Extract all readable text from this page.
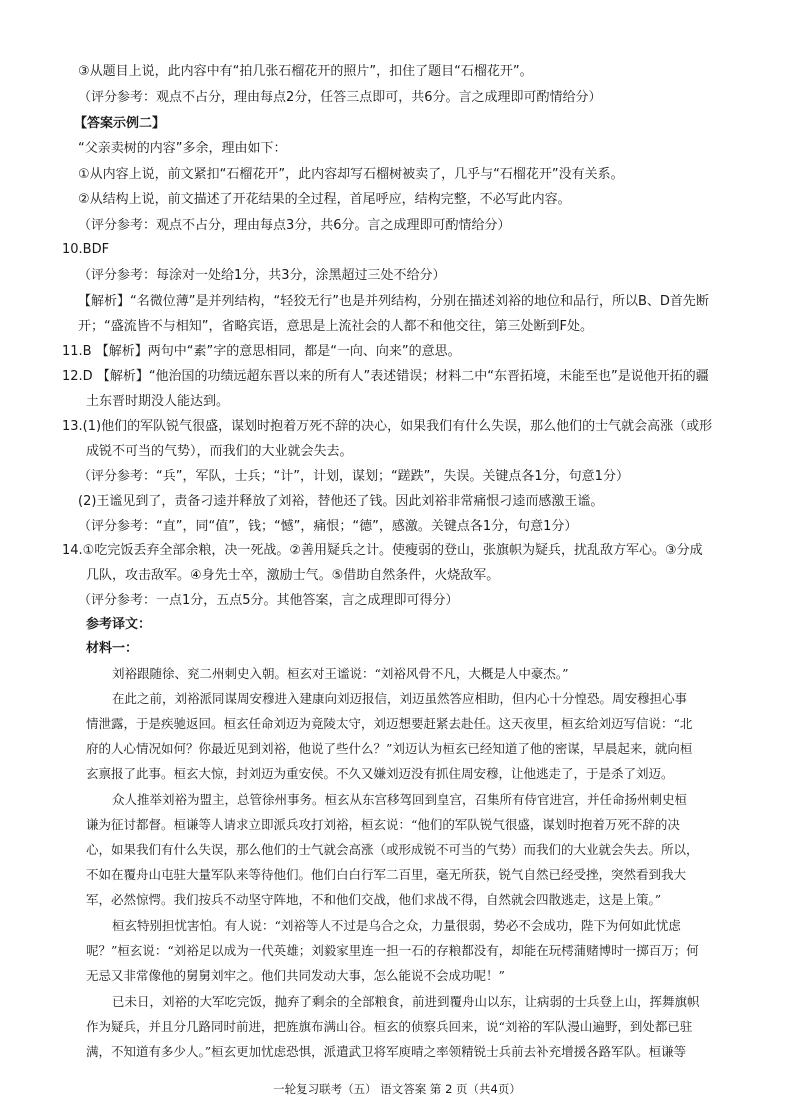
③从题目上说，此内容中有“拍几张石榴花开的照片”，扣住了题目“石榴花开”。
（评分参考：观点不占分，理由每点2分，任答三点即可，共6分。言之成理即可酌情给分）
【答案示例二】
“父亲卖树的内容”多余，理由如下：
①从内容上说，前文紧扣“石榴花开”，此内容却写石榴树被卖了，几乎与“石榴花开”没有关系。
②从结构上说，前文描述了开花结果的全过程，首尾呼应，结构完整，不必写此内容。
（评分参考：观点不占分，理由每点3分，共6分。言之成理即可酌情给分）
10.BDF
（评分参考：每涂对一处给1分，共3分，涂黑超过三处不给分）
【解析】“名微位薄”是并列结构，“轻狡无行”也是并列结构，分别在描述刘裕的地位和品行，所以B、D首先断
开；“盛流皆不与相知”，省略宾语，意思是上流社会的人都不和他交往，第三处断到F处。
11.B 【解析】两句中“素”字的意思相同，都是“一向、向来”的意思。
12.D 【解析】“他治国的功绩远超东晋以来的所有人”表述错误；材料二中“东晋拓境，未能至也”是说他开拓的疆
土东晋时期没人能达到。
13.(1)他们的军队锐气很盛，谋划时抱着万死不辞的决心，如果我们有什么失误，那么他们的士气就会高涨（或形
成锐不可当的气势），而我们的大业就会失去。
（评分参考：“兵”，军队，士兵；“计”，计划，谋划；“蹉跌”，失误。关键点各1分，句意1分）
(2)王谧见到了，责备刁逵并释放了刘裕，替他还了钱。因此刘裕非常痛恨刁逵而感激王谧。
（评分参考：“直”，同“值”，钱；“憾”，痛恨；“德”，感激。关键点各1分，句意1分）
14.①吃完饭丢弃全部余粮，决一死战。②善用疑兵之计。使瘦弱的登山，张旗帜为疑兵，扰乱敌方军心。③分成
几队，攻击敌军。④身先士卒，激励士气。⑤借助自然条件，火烧敌军。
（评分参考：一点1分，五点5分。其他答案，言之成理即可得分）
参考译文：
材料一：
刘裕跟随徐、兖二州刺史入朝。桓玄对王谧说：“刘裕风骨不凡，大概是人中豪杰。”
在此之前，刘裕派同谋周安穆进入建康向刘迈报信，刘迈虽然答应相助，但内心十分惶恐。周安穆担心事
情泄露，于是疾驰返回。桓玄任命刘迈为竟陵太守，刘迈想要赶紧去赴任。这天夜里，桓玄给刘迈写信说：“北
府的人心情况如何？你最近见到刘裕，他说了些什么？”刘迈认为桓玄已经知道了他的密谋，早晨起来，就向桓
玄禀报了此事。桓玄大惊，封刘迈为重安侯。不久又嫌刘迈没有抓住周安穆，让他逃走了，于是杀了刘迈。
众人推举刘裕为盟主，总管徐州事务。桓玄从东宫移驾回到皇宫，召集所有侍官进宫，并任命扬州刺史桓
谦为征讨都督。桓谦等人请求立即派兵攻打刘裕，桓玄说：“他们的军队锐气很盛，谋划时抱着万死不辞的决
心，如果我们有什么失误，那么他们的士气就会高涨（或形成锐不可当的气势）而我们的大业就会失去。所以，
不如在覆舟山屯驻大量军队来等待他们。他们白白行军二百里，毫无所获，锐气自然已经受挫，突然看到我大
军，必然惊愕。我们按兵不动坚守阵地，不和他们交战，他们求战不得，自然就会四散逃走，这是上策。”
桓玄特别担忧害怕。有人说：“刘裕等人不过是乌合之众，力量很弱，势必不会成功，陛下为何如此忧虑
呢？”桓玄说：“刘裕足以成为一代英雄；刘毅家里连一担一石的存粮都没有，却能在玩樗蒲赌博时一掷百万；何
无忌又非常像他的舅舅刘牢之。他们共同发动大事，怎么能说不会成功呢！”
已未日，刘裕的大军吃完饭，抛弃了剩余的全部粮食，前进到覆舟山以东，让病弱的士兵登上山，挥舞旗帜
作为疑兵，并且分几路同时前进，把旌旗布满山谷。桓玄的侦察兵回来，说“刘裕的军队漫山遍野，到处都已驻
满，不知道有多少人。”桓玄更加忧虑恐惧，派遣武卫将军庾晴之率领精锐士兵前去补充增援各路军队。桓谦等
一轮复习联考（五） 语文答案 第 2 页（共4页）
